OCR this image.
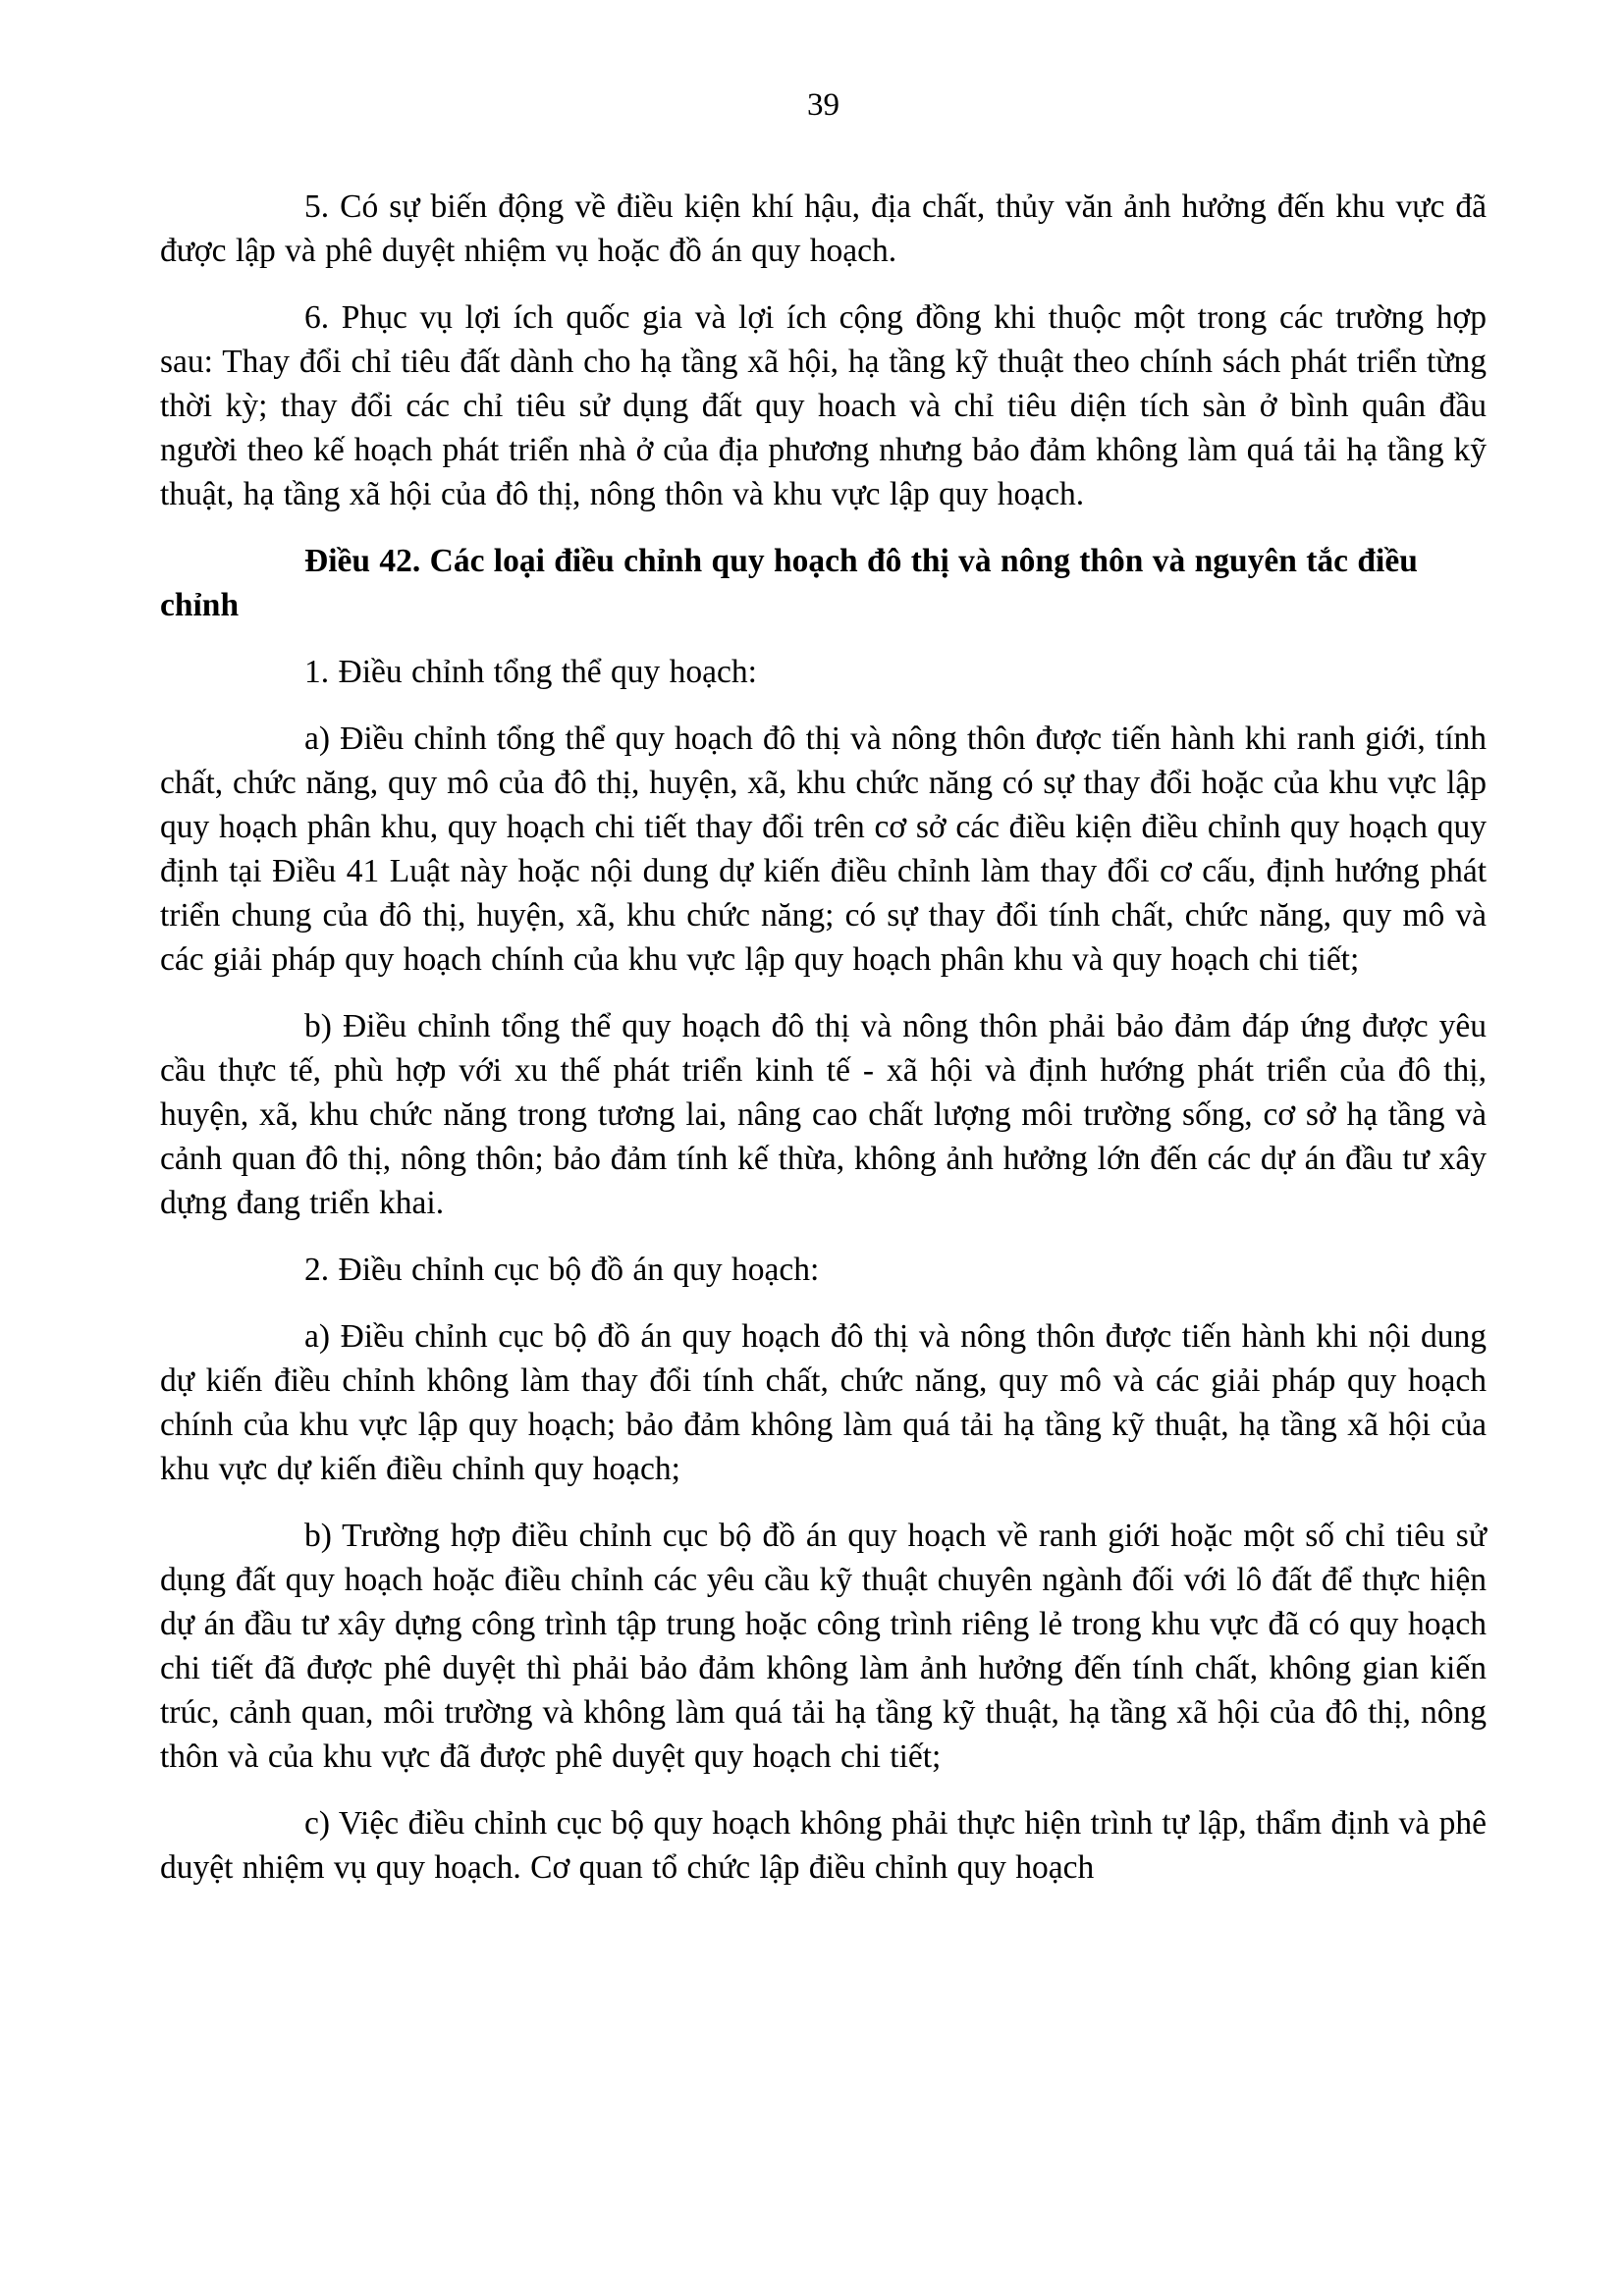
39

5. Có sự biến động về điều kiện khí hậu, địa chất, thủy văn ảnh hưởng đến khu vực đã được lập và phê duyệt nhiệm vụ hoặc đồ án quy hoạch.

6. Phục vụ lợi ích quốc gia và lợi ích cộng đồng khi thuộc một trong các trường hợp sau: Thay đổi chỉ tiêu đất dành cho hạ tầng xã hội, hạ tầng kỹ thuật theo chính sách phát triển từng thời kỳ; thay đổi các chỉ tiêu sử dụng đất quy hoach và chỉ tiêu diện tích sàn ở bình quân đầu người theo kế hoạch phát triển nhà ở của địa phương nhưng bảo đảm không làm quá tải hạ tầng kỹ thuật, hạ tầng xã hội của đô thị, nông thôn và khu vực lập quy hoạch.

Điều 42. Các loại điều chỉnh quy hoạch đô thị và nông thôn và nguyên tắc điều chỉnh

1. Điều chỉnh tổng thể quy hoạch:

a) Điều chỉnh tổng thể quy hoạch đô thị và nông thôn được tiến hành khi ranh giới, tính chất, chức năng, quy mô của đô thị, huyện, xã, khu chức năng có sự thay đổi hoặc của khu vực lập quy hoạch phân khu, quy hoạch chi tiết thay đổi trên cơ sở các điều kiện điều chỉnh quy hoạch quy định tại Điều 41 Luật này hoặc nội dung dự kiến điều chỉnh làm thay đổi cơ cấu, định hướng phát triển chung của đô thị, huyện, xã, khu chức năng; có sự thay đổi tính chất, chức năng, quy mô và các giải pháp quy hoạch chính của khu vực lập quy hoạch phân khu và quy hoạch chi tiết;

b) Điều chỉnh tổng thể quy hoạch đô thị và nông thôn phải bảo đảm đáp ứng được yêu cầu thực tế, phù hợp với xu thế phát triển kinh tế - xã hội và định hướng phát triển của đô thị, huyện, xã, khu chức năng trong tương lai, nâng cao chất lượng môi trường sống, cơ sở hạ tầng và cảnh quan đô thị, nông thôn; bảo đảm tính kế thừa, không ảnh hưởng lớn đến các dự án đầu tư xây dựng đang triển khai.

2. Điều chỉnh cục bộ đồ án quy hoạch:

a) Điều chỉnh cục bộ đồ án quy hoạch đô thị và nông thôn được tiến hành khi nội dung dự kiến điều chỉnh không làm thay đổi tính chất, chức năng, quy mô và các giải pháp quy hoạch chính của khu vực lập quy hoạch; bảo đảm không làm quá tải hạ tầng kỹ thuật, hạ tầng xã hội của khu vực dự kiến điều chỉnh quy hoạch;

b) Trường hợp điều chỉnh cục bộ đồ án quy hoạch về ranh giới hoặc một số chỉ tiêu sử dụng đất quy hoạch hoặc điều chỉnh các yêu cầu kỹ thuật chuyên ngành đối với lô đất để thực hiện dự án đầu tư xây dựng công trình tập trung hoặc công trình riêng lẻ trong khu vực đã có quy hoạch chi tiết đã được phê duyệt thì phải bảo đảm không làm ảnh hưởng đến tính chất, không gian kiến trúc, cảnh quan, môi trường và không làm quá tải hạ tầng kỹ thuật, hạ tầng xã hội của đô thị, nông thôn và của khu vực đã được phê duyệt quy hoạch chi tiết;

c) Việc điều chỉnh cục bộ quy hoạch không phải thực hiện trình tự lập, thẩm định và phê duyệt nhiệm vụ quy hoạch. Cơ quan tổ chức lập điều chỉnh quy hoạch
